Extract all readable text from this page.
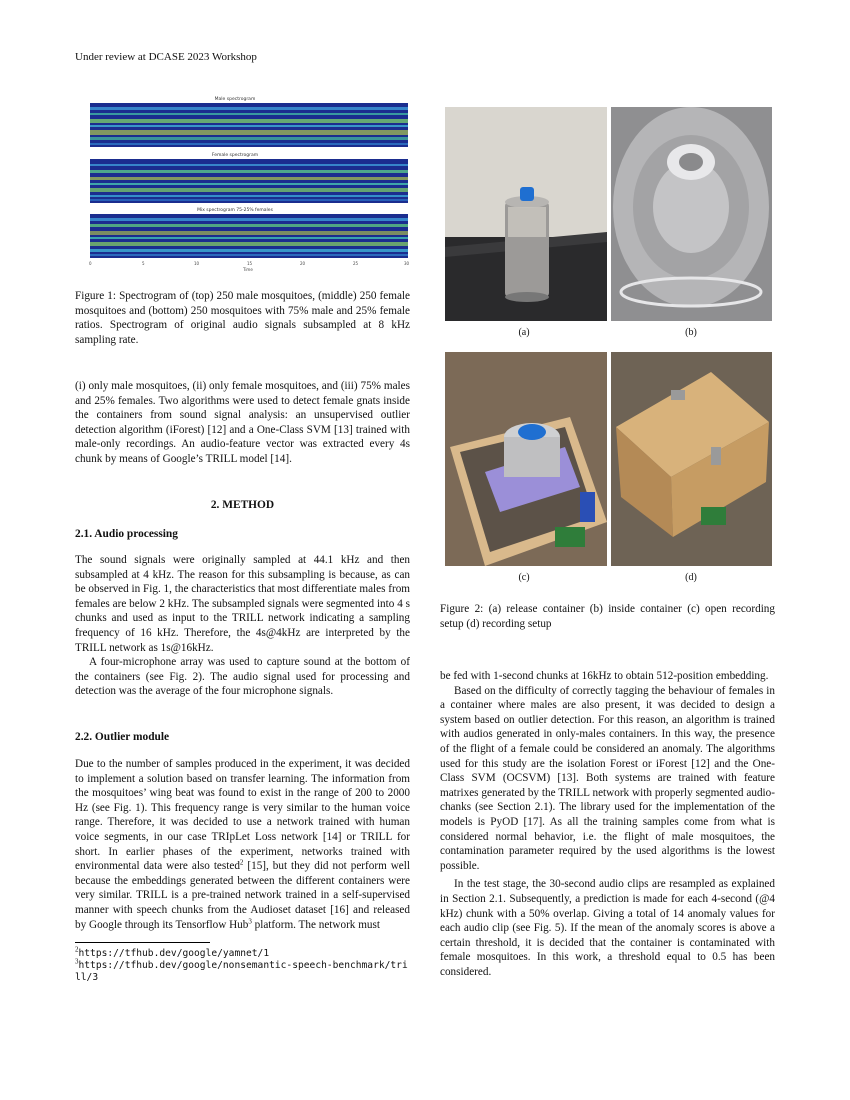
Under review at DCASE 2023 Workshop
Male spectrogram
Female spectrogram
Mix spectrogram 75-25% females
0	5	10	15	20	25	30
Time
Figure 1: Spectrogram of (top) 250 male mosquitoes, (middle) 250 female mosquitoes and (bottom) 250 mosquitoes with 75% male and 25% female ratios. Spectrogram of original audio signals subsampled at 8 kHz sampling rate.
(i) only male mosquitoes, (ii) only female mosquitoes, and (iii) 75% males and 25% females. Two algorithms were used to detect female gnats inside the containers from sound signal analysis: an unsupervised outlier detection algorithm (iForest) [12] and a One-Class SVM [13] trained with male-only recordings. An audio-feature vector was extracted every 4s chunk by means of Google’s TRILL model [14].
2. METHOD
2.1. Audio processing

The sound signals were originally sampled at 44.1 kHz and then subsampled at 4 kHz. The reason for this subsampling is because, as can be observed in Fig. 1, the characteristics that most differentiate males from females are below 2 kHz. The subsampled signals were segmented into 4 s chunks and used as input to the TRILL network indicating a sampling frequency of 16 kHz. Therefore, the 4s@4kHz are interpreted by the TRILL network as 1s@16kHz.

A four-microphone array was used to capture sound at the bottom of the containers (see Fig. 2). The audio signal used for processing and detection was the average of the four microphone signals.

2.2. Outlier module

Due to the number of samples produced in the experiment, it was decided to implement a solution based on transfer learning. The information from the mosquitoes’ wing beat was found to exist in the range of 200 to 2000 Hz (see Fig. 1). This frequency range is very similar to the human voice range. Therefore, it was decided to use a network trained with human voice segments, in our case TRIpLet Loss network [14] or TRILL for short. In earlier phases of the experiment, networks trained with environmental data were also tested$^2$ [15], but they did not perform well because the embeddings generated between the different containers were very similar. TRILL is a pre-trained network trained in a self-supervised manner with speech chunks from the Audioset dataset [16] and released by Google through its Tensorflow Hub$^3$ platform. The network must

$^2$https://tfhub.dev/google/yamnet/1
$^3$https://tfhub.dev/google/nonsemantic-speech-benchmark/trill/3
(a)	(b)
(c)	(d)
Figure 2: (a) release container (b) inside container (c) open recording setup (d) recording setup

be fed with 1-second chunks at 16kHz to obtain 512-position embedding.

Based on the difficulty of correctly tagging the behaviour of females in a container where males are also present, it was decided to design a system based on outlier detection. For this reason, an algorithm is trained with audios generated in only-males containers. In this way, the presence of the flight of a female could be considered an anomaly. The algorithms used for this study are the isolation Forest or iForest [12] and the One-Class SVM (OCSVM) [13]. Both systems are trained with feature matrixes generated by the TRILL network with properly segmented audio-chanks (see Section 2.1). The library used for the implementation of the models is PyOD [17]. As all the training samples come from what is considered normal behavior, i.e. the flight of male mosquitoes, the contamination parameter required by the used algorithms is the lowest possible.

In the test stage, the 30-second audio clips are resampled as explained in Section 2.1. Subsequently, a prediction is made for each 4-second (@4 kHz) chunk with a 50% overlap. Giving a total of 14 anomaly values for each audio clip (see Fig. 5). If the mean of the anomaly scores is above a certain threshold, it is decided that the container is contaminated with female mosquitoes. In this work, a threshold equal to 0.5 has been considered.
